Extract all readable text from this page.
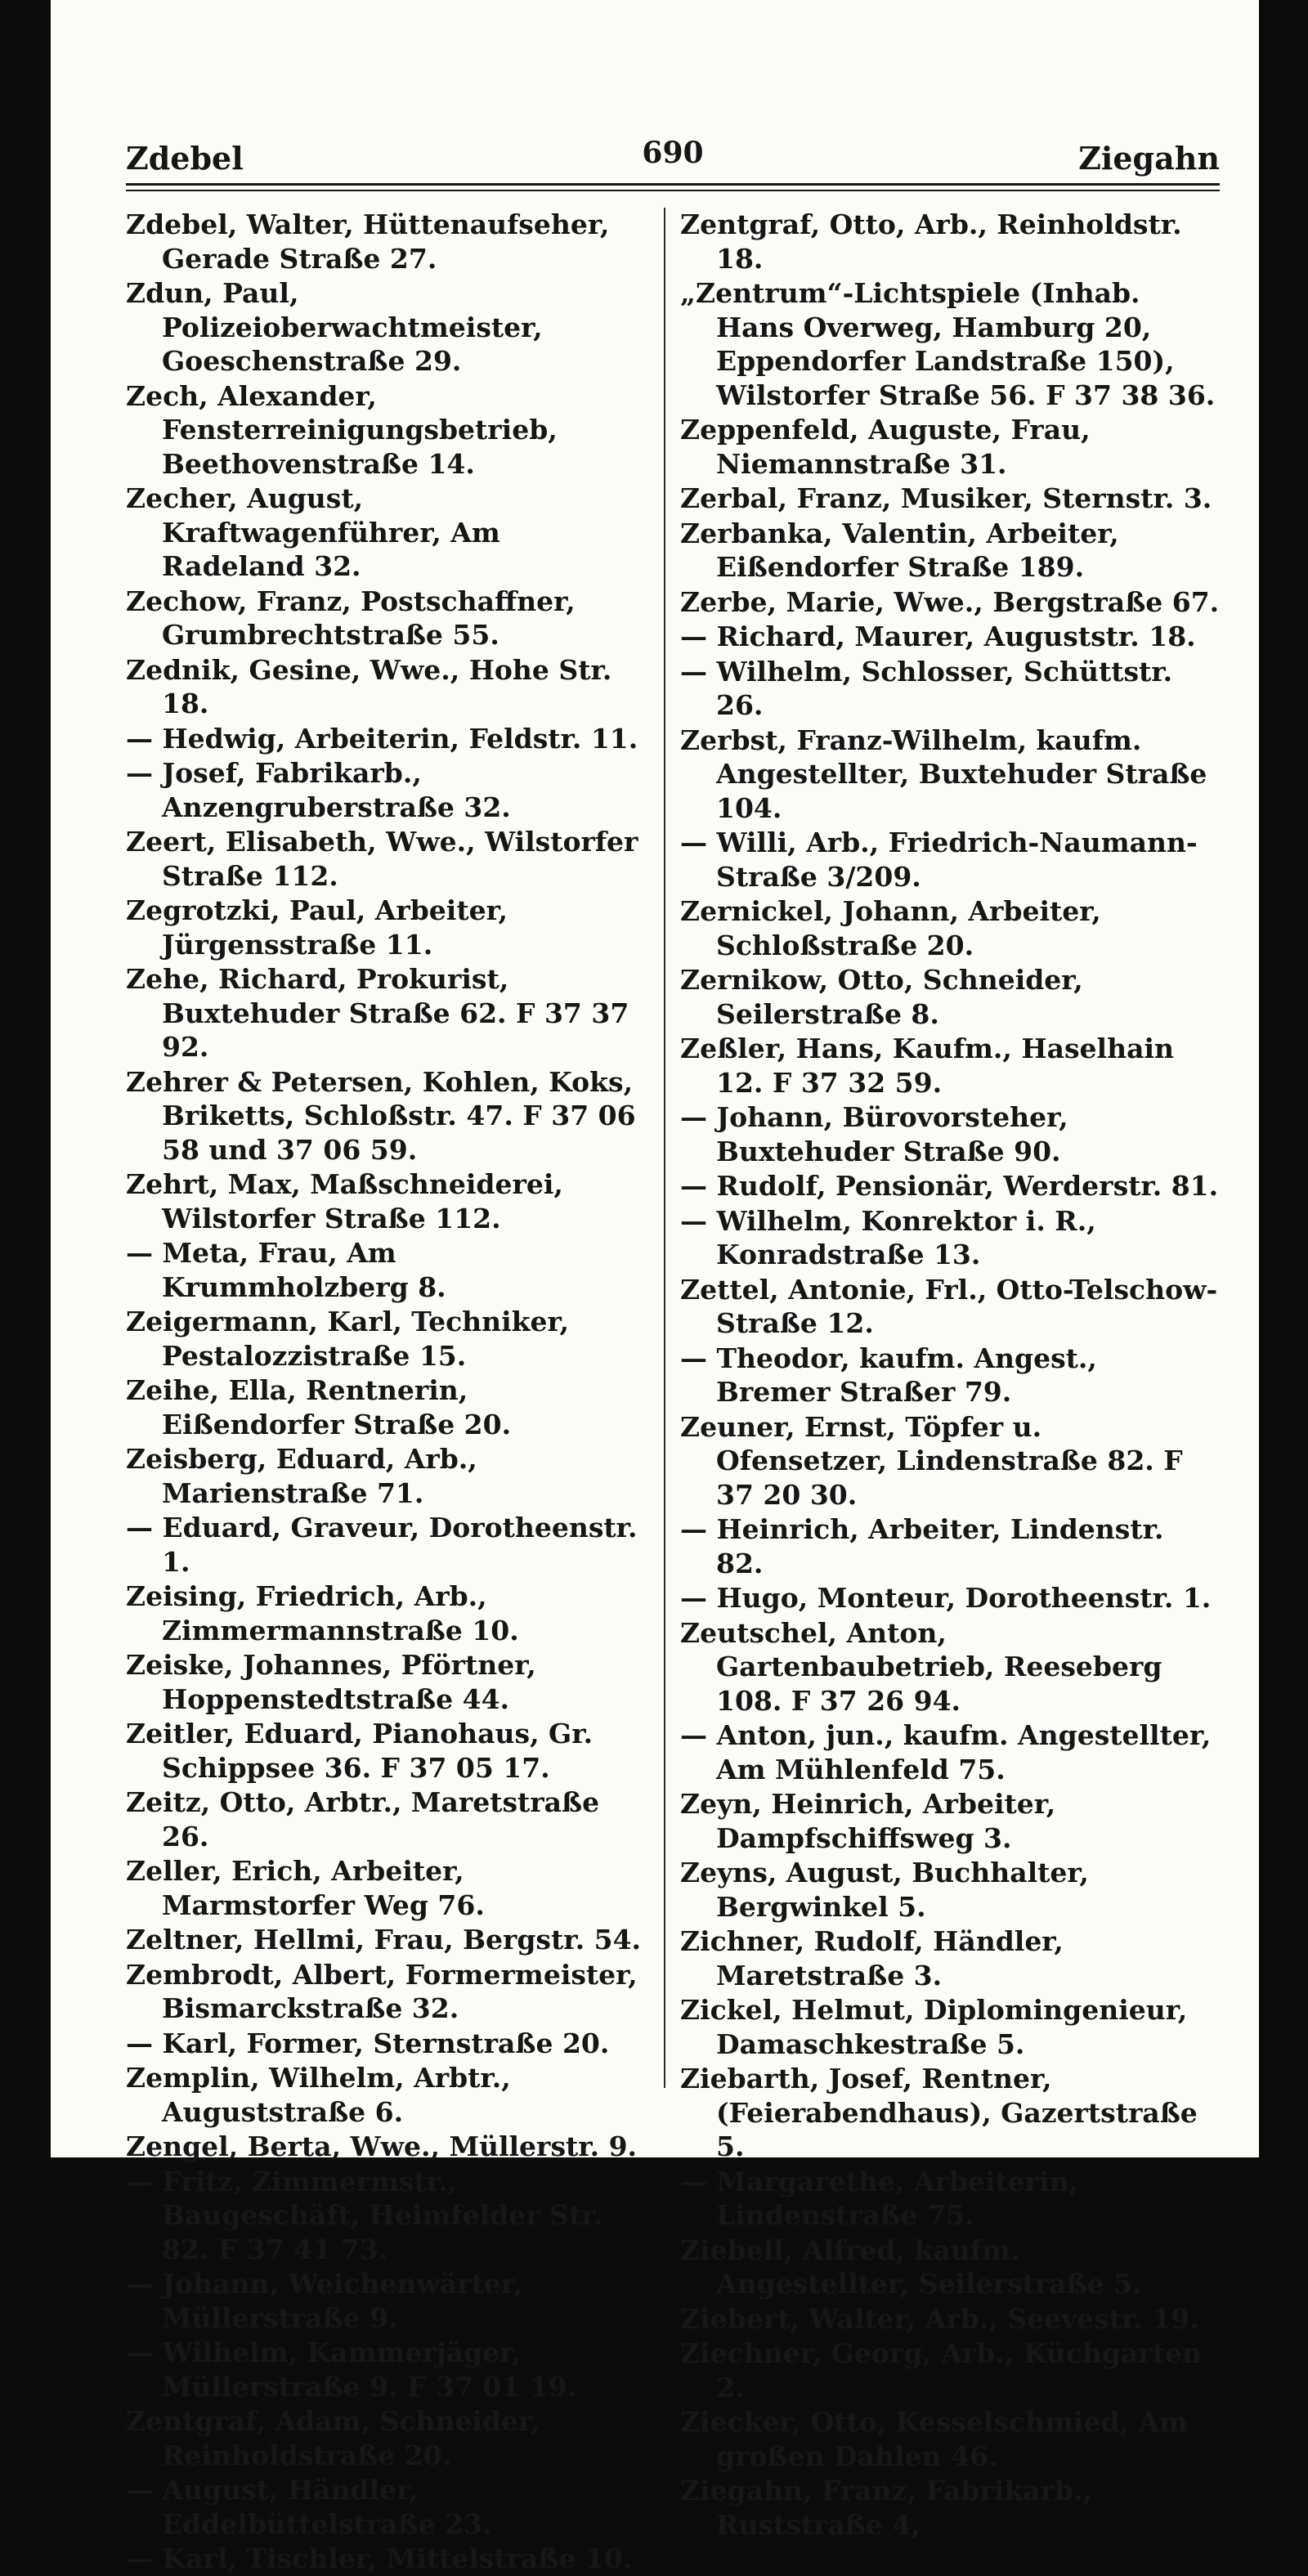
Zdebel	690	Ziegahn

Zdebel, Walter, Hüttenaufseher, Gerade Straße 27.

Zdun, Paul, Polizeioberwachtmeister, Goeschenstraße 29.

Zech, Alexander, Fensterreinigungsbetrieb, Beethovenstraße 14.

Zecher, August, Kraftwagenführer, Am Radeland 32.

Zechow, Franz, Postschaffner, Grumbrechtstraße 55.

Zednik, Gesine, Wwe., Hohe Str. 18.

— Hedwig, Arbeiterin, Feldstr. 11.

— Josef, Fabrikarb., Anzengruberstraße 32.

Zeert, Elisabeth, Wwe., Wilstorfer Straße 112.

Zegrotzki, Paul, Arbeiter, Jürgensstraße 11.

Zehe, Richard, Prokurist, Buxtehuder Straße 62. F 37 37 92.

Zehrer & Petersen, Kohlen, Koks, Briketts, Schloßstr. 47. F 37 06 58 und 37 06 59.

Zehrt, Max, Maßschneiderei, Wilstorfer Straße 112.

— Meta, Frau, Am Krummholzberg 8.

Zeigermann, Karl, Techniker, Pestalozzistraße 15.

Zeihe, Ella, Rentnerin, Eißendorfer Straße 20.

Zeisberg, Eduard, Arb., Marienstraße 71.

— Eduard, Graveur, Dorotheenstr. 1.

Zeising, Friedrich, Arb., Zimmermannstraße 10.

Zeiske, Johannes, Pförtner, Hoppenstedtstraße 44.

Zeitler, Eduard, Pianohaus, Gr. Schippsee 36. F 37 05 17.

Zeitz, Otto, Arbtr., Maretstraße 26.

Zeller, Erich, Arbeiter, Marmstorfer Weg 76.

Zeltner, Hellmi, Frau, Bergstr. 54.

Zembrodt, Albert, Formermeister, Bismarckstraße 32.

— Karl, Former, Sternstraße 20.

Zemplin, Wilhelm, Arbtr., Auguststraße 6.

Zengel, Berta, Wwe., Müllerstr. 9.

— Fritz, Zimmermstr., Baugeschäft, Heimfelder Str. 82. F 37 41 73.

— Johann, Weichenwärter, Müllerstraße 9.

— Wilhelm, Kammerjäger, Müllerstraße 9. F 37 01 19.

Zentgraf, Adam, Schneider, Reinholdstraße 20.

— August, Händler, Eddelbüttelstraße 23.

— Karl, Tischler, Mittelstraße 10.

Zentgraf, Otto, Arb., Reinholdstr. 18.

„Zentrum“-Lichtspiele (Inhab. Hans Overweg, Hamburg 20, Eppendorfer Landstraße 150), Wilstorfer Straße 56. F 37 38 36.

Zeppenfeld, Auguste, Frau, Niemannstraße 31.

Zerbal, Franz, Musiker, Sternstr. 3.

Zerbanka, Valentin, Arbeiter, Eißendorfer Straße 189.

Zerbe, Marie, Wwe., Bergstraße 67.

— Richard, Maurer, Auguststr. 18.

— Wilhelm, Schlosser, Schüttstr. 26.

Zerbst, Franz-Wilhelm, kaufm. Angestellter, Buxtehuder Straße 104.

— Willi, Arb., Friedrich-Naumann-Straße 3/209.

Zernickel, Johann, Arbeiter, Schloßstraße 20.

Zernikow, Otto, Schneider, Seilerstraße 8.

Zeßler, Hans, Kaufm., Haselhain 12. F 37 32 59.

— Johann, Bürovorsteher, Buxtehuder Straße 90.

— Rudolf, Pensionär, Werderstr. 81.

— Wilhelm, Konrektor i. R., Konradstraße 13.

Zettel, Antonie, Frl., Otto-Telschow-Straße 12.

— Theodor, kaufm. Angest., Bremer Straßer 79.

Zeuner, Ernst, Töpfer u. Ofensetzer, Lindenstraße 82. F 37 20 30.

— Heinrich, Arbeiter, Lindenstr. 82.

— Hugo, Monteur, Dorotheenstr. 1.

Zeutschel, Anton, Gartenbaubetrieb, Reeseberg 108. F 37 26 94.

— Anton, jun., kaufm. Angestellter, Am Mühlenfeld 75.

Zeyn, Heinrich, Arbeiter, Dampfschiffsweg 3.

Zeyns, August, Buchhalter, Bergwinkel 5.

Zichner, Rudolf, Händler, Maretstraße 3.

Zickel, Helmut, Diplomingenieur, Damaschkestraße 5.

Ziebarth, Josef, Rentner, (Feierabendhaus), Gazertstraße 5.

— Margarethe, Arbeiterin, Lindenstraße 75.

Ziebell, Alfred, kaufm. Angestellter, Seilerstraße 5.

Ziebert, Walter, Arb., Seevestr. 19.

Ziechner, Georg, Arb., Küchgarten 2.

Ziecker, Otto, Kesselschmied, Am großen Dahlen 46.

Ziegahn, Franz, Fabrikarb., Ruststraße 4,
